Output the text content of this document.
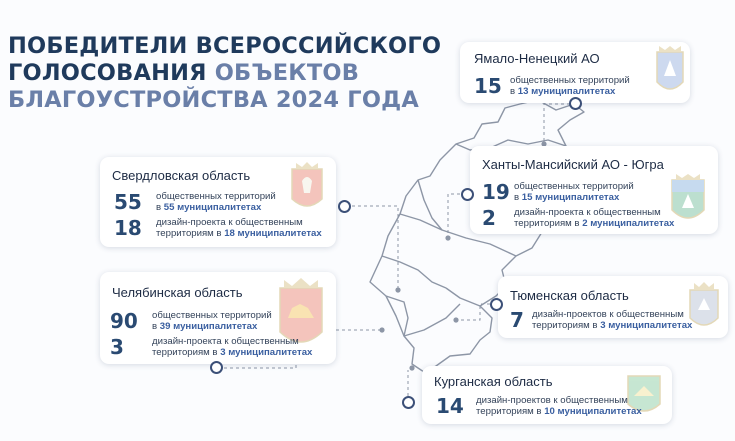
ПОБЕДИТЕЛИ ВСЕРОССИЙСКОГО
ГОЛОСОВАНИЯ ОБЪЕКТОВ
БЛАГОУСТРОЙСТВА 2024 ГОДА
Ямало-Ненецкий АО
15 общественных территорий
в 13 муниципалитетах
Ханты-Мансийский АО - Югра
19 общественных территорий
в 15 муниципалитетах
2	дизайн-проекта к общественным
территориям в 2 муниципалитетах
Свердловская область
55	общественных территорий
в 55 муниципалитетах
18	дизайн-проекта к общественным
территориям в 18 муниципалитетах
Челябинская область
90	общественных территорий
в 39 муниципалитетах
3	дизайн-проекта к общественным
территориям в 3 муниципалитетах
Тюменская область
7 дизайн-проектов к общественным
территориям в 3 муниципалитетах
Курганская область
14	дизайн-проектов к общественным
территориям в 10 муниципалитетах
